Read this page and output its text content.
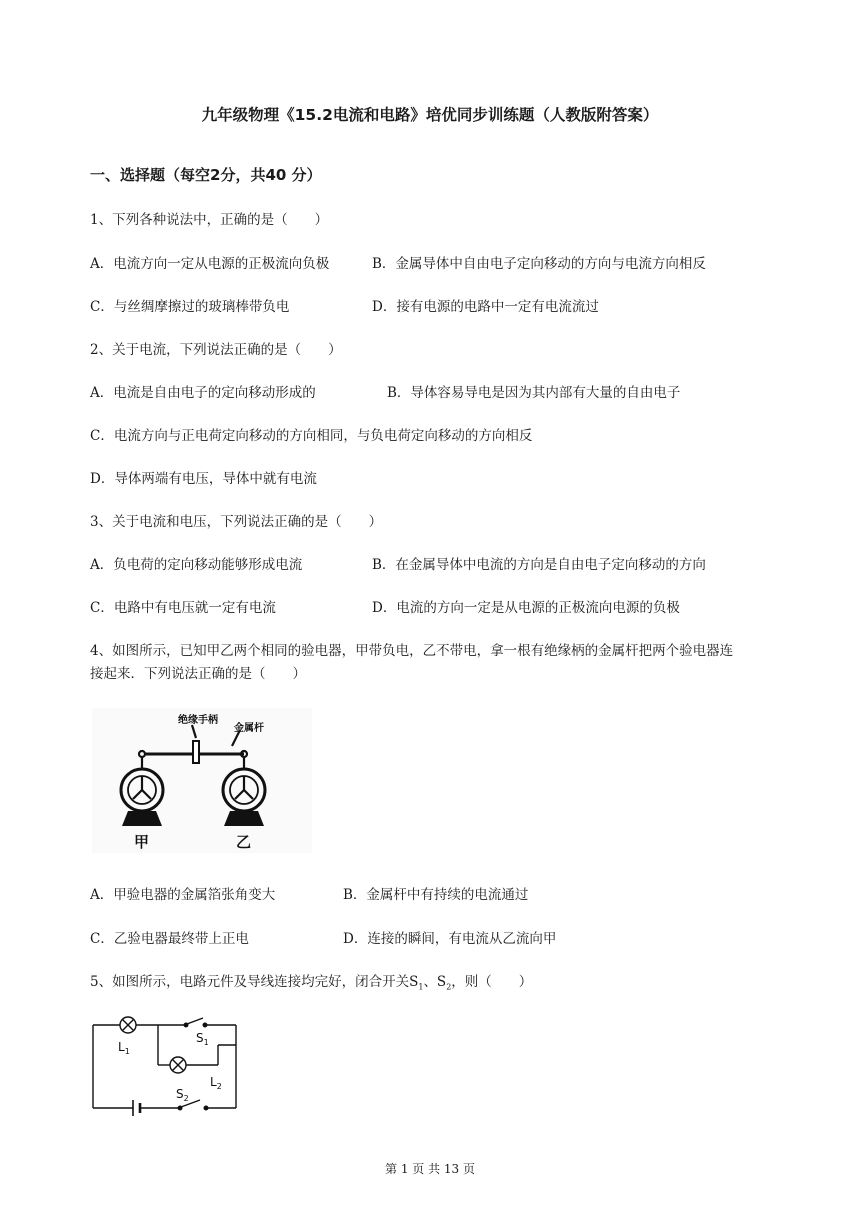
九年级物理《15.2电流和电路》培优同步训练题（人教版附答案）
一、选择题（每空2分，共40 分）
1、下列各种说法中，正确的是（　　）
A．电流方向一定从电源的正极流向负极	B．金属导体中自由电子定向移动的方向与电流方向相反
C．与丝绸摩擦过的玻璃棒带负电	D．接有电源的电路中一定有电流流过
2、关于电流，下列说法正确的是（　　）
A．电流是自由电子的定向移动形成的	B．导体容易导电是因为其内部有大量的自由电子
C．电流方向与正电荷定向移动的方向相同，与负电荷定向移动的方向相反
D．导体两端有电压，导体中就有电流
3、关于电流和电压，下列说法正确的是（　　）
A．负电荷的定向移动能够形成电流	B．在金属导体中电流的方向是自由电子定向移动的方向
C．电路中有电压就一定有电流	D．电流的方向一定是从电源的正极流向电源的负极
4、如图所示，已知甲乙两个相同的验电器，甲带负电，乙不带电，拿一根有绝缘柄的金属杆把两个验电器连
接起来．下列说法正确的是（　　）
绝缘手柄
金属杆
甲	乙
A．甲验电器的金属箔张角变大	B．金属杆中有持续的电流通过
C．乙验电器最终带上正电	D．连接的瞬间，有电流从乙流向甲
5、如图所示，电路元件及导线连接均完好，闭合开关$S_1$、$S_2$，则（　　）
$L_1$
$S_1$
$L_2$
$S_2$
第 1 页 共 13 页
